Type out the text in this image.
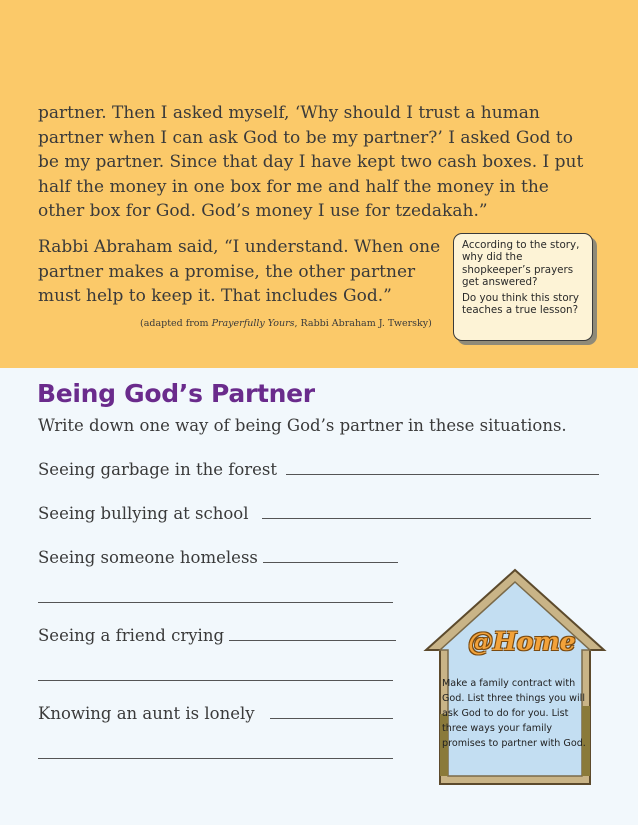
partner. Then I asked myself, ‘Why should I trust a human partner when I can ask God to be my partner?’ I asked God to be my partner. Since that day I have kept two cash boxes. I put half the money in one box for me and half the money in the other box for God. God’s money I use for tzedakah.”

Rabbi Abraham said, “I understand. When one partner makes a promise, the other partner must help to keep it. That includes God.”

(adapted from Prayerfully Yours, Rabbi Abraham J. Twersky)

According to the story, why did the shopkeeper’s prayers get answered?

Do you think this story teaches a true lesson?

Being God’s Partner
Write down one way of being God’s partner in these situations.
Seeing garbage in the forest
Seeing bullying at school
Seeing someone homeless
Seeing a friend crying
Knowing an aunt is lonely
@Home

Make a family contract with God. List three things you will ask God to do for you. List three ways your family promises to partner with God.
